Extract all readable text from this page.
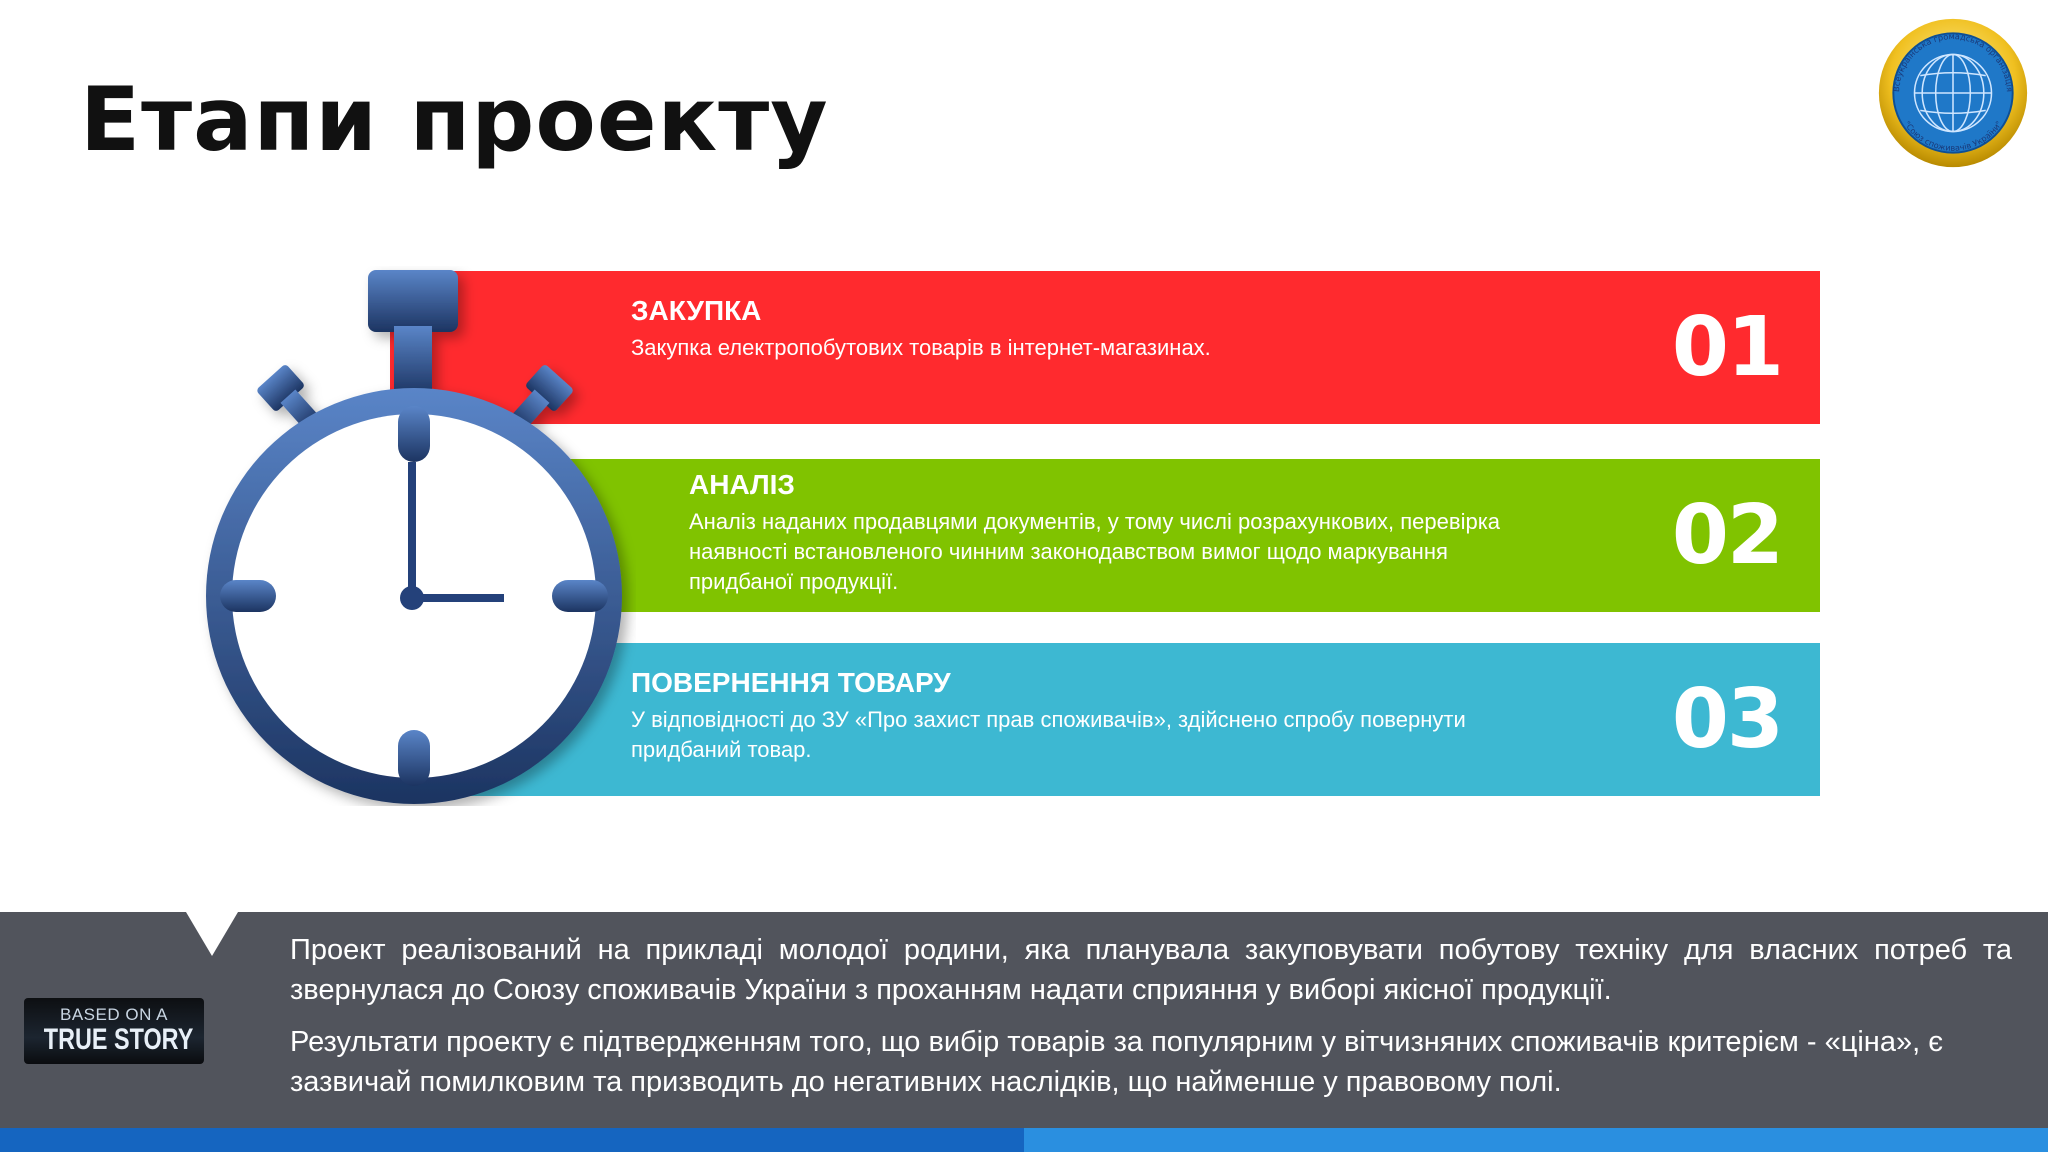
Етапи проекту	Всеукраїнська громадська організація
"Союз споживачів України"
ЗАКУПКА
Закупка електропобутових товарів в інтернет-магазинах.	01
АНАЛІЗ
Аналіз наданих продавцями документів, у тому числі розрахункових, перевірка
наявності встановленого чинним законодавством вимог щодо маркування
придбаної продукції.	02
ПОВЕРНЕННЯ ТОВАРУ
У відповідності до ЗУ «Про захист прав споживачів», здійснено спробу повернути
придбаний товар.	03
BASED ON A
TRUE STORY

Проект реалізований на прикладі молодої родини, яка планувала закуповувати побутову техніку для власних потреб та звернулася до Союзу споживачів України з проханням надати сприяння у виборі якісної продукції.

Результати проекту є підтвердженням того, що вибір товарів за популярним у вітчизняних споживачів критерієм - «ціна», є зазвичай помилковим та призводить до негативних наслідків, що найменше у правовому полі.
